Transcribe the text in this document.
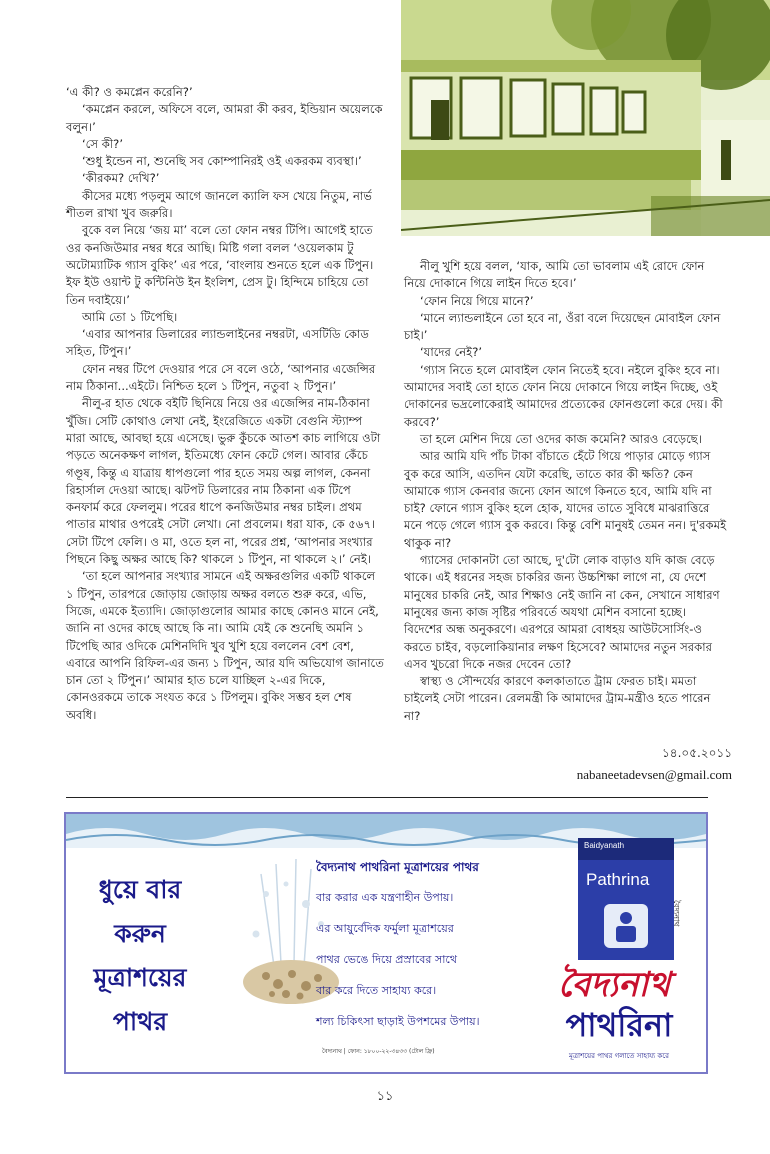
‘এ কী? ও কমপ্লেন করেনি?’

‘কমপ্লেন করলে, অফিসে বলে, আমরা কী করব, ইন্ডিয়ান অয়েলকে বলুন।’

‘সে কী?’

‘শুধু ইন্ডেন না, শুনেছি সব কোম্পানিরই ওই একরকম ব্যবস্থা।’

‘কীরকম? দেখি?’

কীসের মধ্যে পড়লুম আগে জানলে ক্যালি ফস খেয়ে নিতুম, নার্ভ শীতল রাখা খুব জরুরি।

বুকে বল নিয়ে ‘জয় মা’ বলে তো ফোন নম্বর টিপি। আগেই হাতে ওর কনজিউমার নম্বর ধরে আছি। মিষ্টি গলা বলল ‘ওয়েলকাম টু অটোম্যাটিক গ্যাস বুকিং’ এর পরে, ‘বাংলায় শুনতে হলে এক টিপুন। ইফ ইউ ওয়ান্ট টু কন্টিনিউ ইন ইংলিশ, প্রেস টু। হিন্দিমে চাহিয়ে তো তিন দবাইয়ে।’

আমি তো ১ টিপেছি।

‘এবার আপনার ডিলারের ল্যান্ডলাইনের নম্বরটা, এসটিডি কোড সহিত, টিপুন।’

ফোন নম্বর টিপে দেওয়ার পরে সে বলে ওঠে, ‘আপনার এজেন্সির নাম ঠিকানা...এইটে। নিশ্চিত হলে ১ টিপুন, নতুবা ২ টিপুন।’

নীলু-র হাত থেকে বইটি ছিনিয়ে নিয়ে ওর এজেন্সির নাম-ঠিকানা খুঁজি। সেটি কোথাও লেখা নেই, ইংরেজিতে একটা বেগুনি স্ট্যাম্প মারা আছে, আবছা হয়ে এসেছে। ভুরু কুঁচকে আতশ কাচ লাগিয়ে ওটা পড়তে অনেকক্ষণ লাগল, ইতিমধ্যে ফোন কেটে গেল। আবার কেঁচে গণ্ডূষ, কিন্তু এ যাত্রায় ধাপগুলো পার হতে সময় অল্প লাগল, কেননা রিহার্সাল দেওয়া আছে। ঝটপট ডিলারের নাম ঠিকানা এক টিপে কনফার্ম করে ফেললুম। পরের ধাপে কনজিউমার নম্বর চাইল। প্রথম পাতার মাথার ওপরেই সেটা লেখা। নো প্রবলেম। ধরা যাক, কে ৫৬৭। সেটা টিপে ফেলি। ও মা, ওতে হল না, পরের প্রশ্ন, ‘আপনার সংখ্যার পিছনে কিছু অক্ষর আছে কি? থাকলে ১ টিপুন, না থাকলে ২।’ নেই।

‘তা হলে আপনার সংখ্যার সামনে এই অক্ষরগুলির একটি থাকলে ১ টিপুন, তারপরে জোড়ায় জোড়ায় অক্ষর বলতে শুরু করে, এভি, সিজে, এমকে ইত্যাদি। জোড়াগুলোর আমার কাছে কোনও মানে নেই, জানি না ওদের কাছে আছে কি না। আমি যেই কে শুনেছি অমনি ১ টিপেছি আর ওদিকে মেশিনদিদি খুব খুশি হয়ে বললেন বেশ বেশ, এবারে আপনি রিফিল-এর জন্য ১ টিপুন, আর যদি অভিযোগ জানাতে চান তো ২ টিপুন।’ আমার হাত চলে যাচ্ছিল ২-এর দিকে, কোনওরকমে তাকে সংযত করে ১ টিপলুম। বুকিং সম্ভব হল শেষ অবধি।

নীলু খুশি হয়ে বলল, ‘যাক, আমি তো ভাবলাম এই রোদে ফোন নিয়ে দোকানে গিয়ে লাইন দিতে হবে।’

‘ফোন নিয়ে গিয়ে মানে?’

‘মানে ল্যান্ডলাইনে তো হবে না, ওঁরা বলে দিয়েছেন মোবাইল ফোন চাই।’

‘যাদের নেই?’

‘গ্যাস নিতে হলে মোবাইল ফোন নিতেই হবে। নইলে বুকিং হবে না। আমাদের সবাই তো হাতে ফোন নিয়ে দোকানে গিয়ে লাইন দিচ্ছে, ওই দোকানের ভদ্রলোকেরাই আমাদের প্রত্যেকের ফোনগুলো করে দেয়। কী করবে?’

তা হলে মেশিন দিয়ে তো ওদের কাজ কমেনি? আরও বেড়েছে।

আর আমি যদি পাঁচ টাকা বাঁচাতে হেঁটে গিয়ে পাড়ার মোড়ে গ্যাস বুক করে আসি, এতদিন যেটা করেছি, তাতে কার কী ক্ষতি? কেন আমাকে গ্যাস কেনবার জন্যে ফোন আগে কিনতে হবে, আমি যদি না চাই? ফোনে গ্যাস বুকিং হলে হোক, যাদের তাতে সুবিধে মাঝরাত্তিরে মনে পড়ে গেলে গ্যাস বুক করবে। কিন্তু বেশি মানুষই তেমন নন। দু'রকমই থাকুক না?

গ্যাসের দোকানটা তো আছে, দু'টো লোক বাড়াও যদি কাজ বেড়ে থাকে। এই ধরনের সহজ চাকরির জন্য উচ্চশিক্ষা লাগে না, যে দেশে মানুষের চাকরি নেই, আর শিক্ষাও নেই জানি না কেন, সেখানে সাধারণ মানুষের জন্য কাজ সৃষ্টির পরিবর্তে অযথা মেশিন বসানো হচ্ছে। বিদেশের অন্ধ অনুকরণে। এরপরে আমরা বোধহয় আউটসোর্সিং-ও করতে চাইব, বড়লোকিয়ানার লক্ষণ হিসেবে? আমাদের নতুন সরকার এসব খুচরো দিকে নজর দেবেন তো?

স্বাস্থ্য ও সৌন্দর্যের কারণে কলকাতাতে ট্রাম ফেরত চাই। মমতা চাইলেই সেটা পারেন। রেলমন্ত্রী কি আমাদের ট্রাম-মন্ত্রীও হতে পারেন না?

১৪.০৫.২০১১
nabaneetadevsen@gmail.com
ধুয়ে বার
করুন
মূত্রাশয়ের
পাথর
বৈদ্যনাথ পাথরিনা মূত্রাশয়ের পাথর
বার করার এক যন্ত্রণাহীন উপায়।
এর আয়ুর্বেদিক ফর্মুলা মূত্রাশয়ের
পাথর ভেঙে দিয়ে প্রস্রাবের সাথে
বার করে দিতে সাহায্য করে।
শল্য চিকিৎসা ছাড়াই উপশমের উপায়।
বৈদ্যনাথ | ফোন: ১৮০০-২২-৩৪৩৩ (টোল ফ্রি)
Baidyanath
Pathrina
বৈদ্যনাথ
বৈদ্যনাথ
পাথরিনা
মূত্রাশয়ের পাথর গলাতে সাহায্য করে
১১
